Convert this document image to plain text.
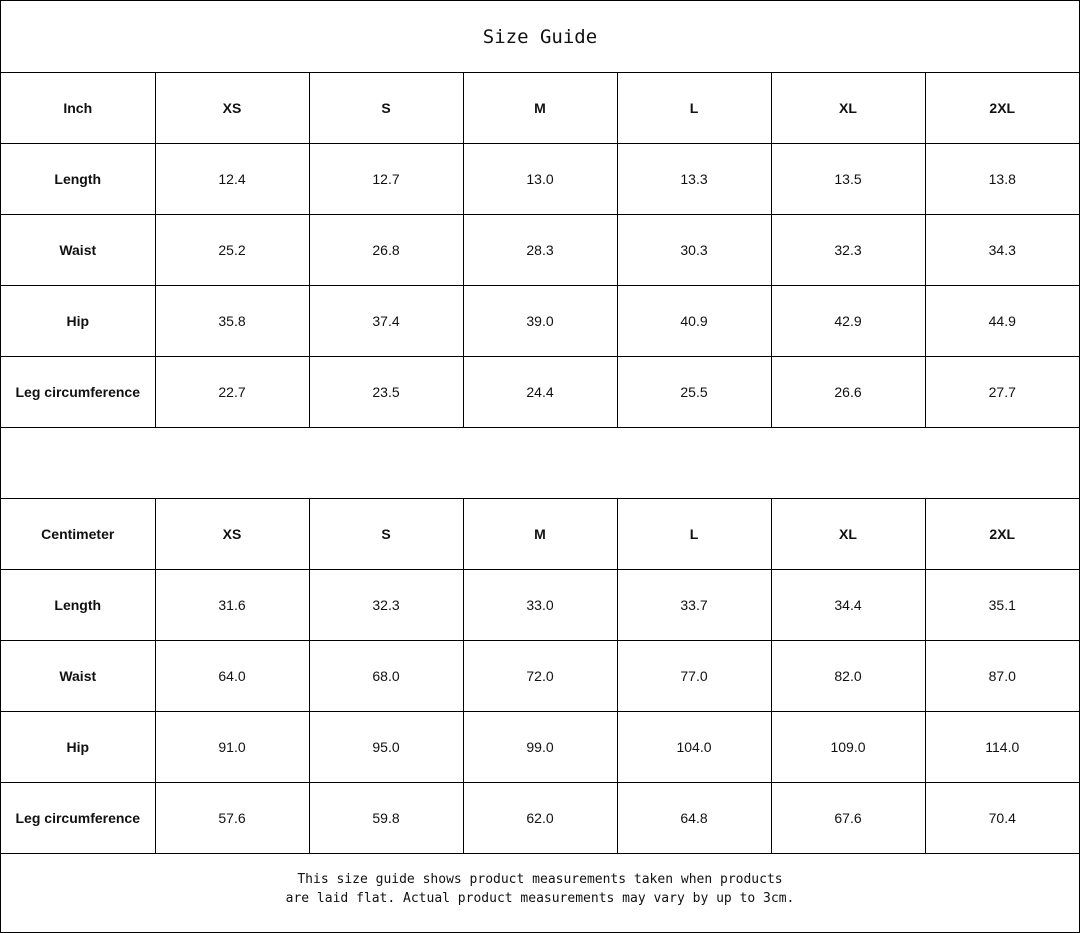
Size Guide
Inch	XS	S	M	L	XL	2XL
Length	12.4	12.7	13.0	13.3	13.5	13.8
Waist	25.2	26.8	28.3	30.3	32.3	34.3
Hip	35.8	37.4	39.0	40.9	42.9	44.9
Leg circumference	22.7	23.5	24.4	25.5	26.6	27.7
Centimeter	XS	S	M	L	XL	2XL
Length	31.6	32.3	33.0	33.7	34.4	35.1
Waist	64.0	68.0	72.0	77.0	82.0	87.0
Hip	91.0	95.0	99.0	104.0	109.0	114.0
Leg circumference	57.6	59.8	62.0	64.8	67.6	70.4
This size guide shows product measurements taken when products
are laid flat. Actual product measurements may vary by up to 3cm.
